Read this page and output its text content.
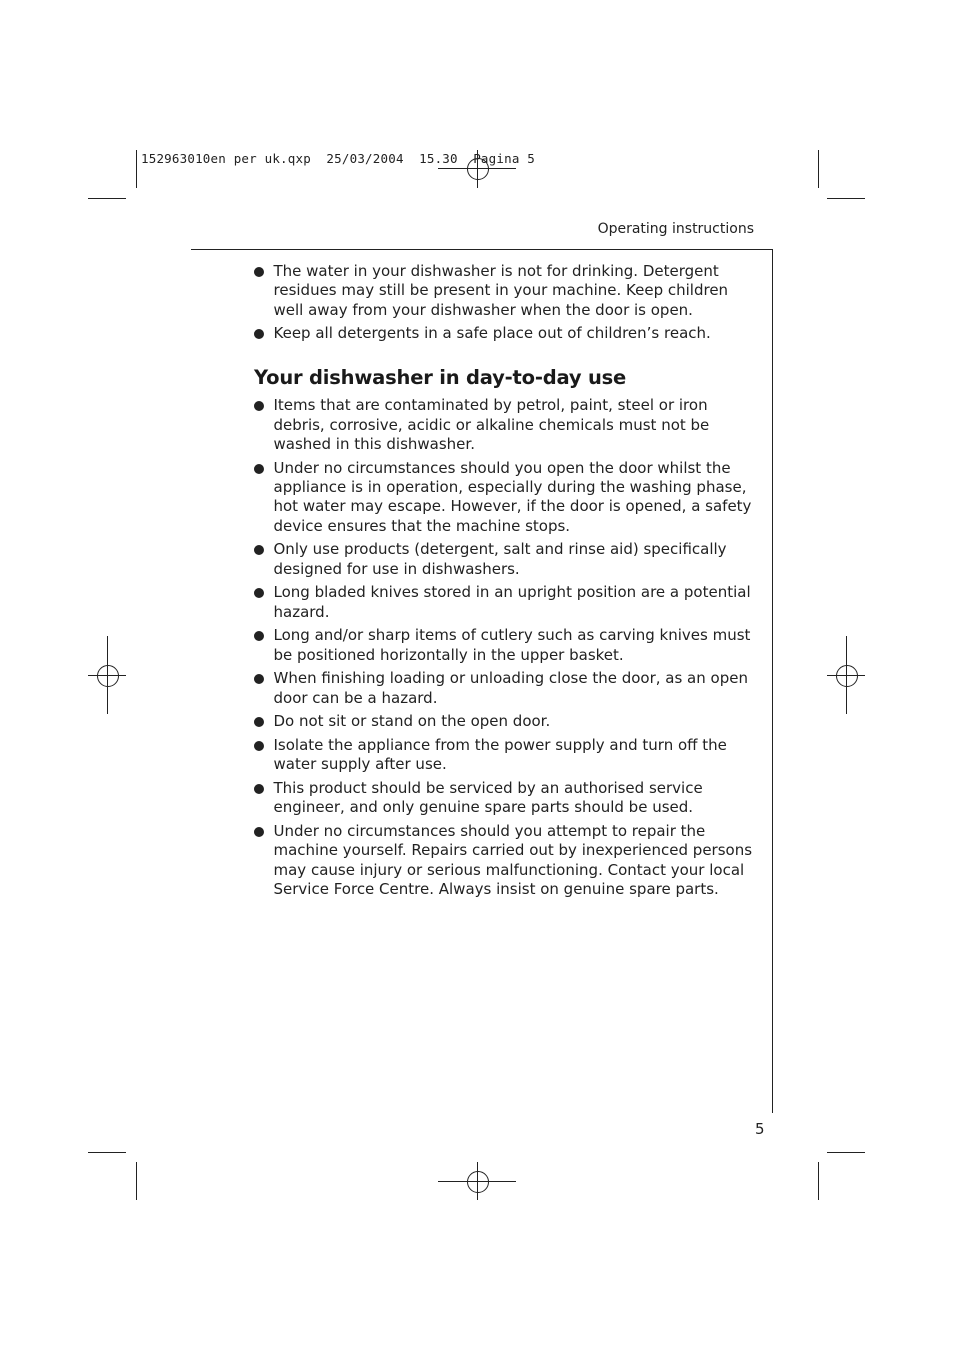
152963010en per uk.qxp  25/03/2004  15.30  Pagina 5
Operating instructions
The water in your dishwasher is not for drinking. Detergent residues may still be present in your machine. Keep children well away from your dishwasher when the door is open.
Keep all detergents in a safe place out of children’s reach.
Your dishwasher in day-to-day use
Items that are contaminated by petrol, paint, steel or iron debris, corrosive, acidic or alkaline chemicals must not be washed in this dishwasher.
Under no circumstances should you open the door whilst the appliance is in operation, especially during the washing phase, hot water may escape. However, if the door is opened, a safety device ensures that the machine stops.
Only use products (detergent, salt and rinse aid) specifically designed for use in dishwashers.
Long bladed knives stored in an upright position are a potential hazard.
Long and/or sharp items of cutlery such as carving knives must be positioned horizontally in the upper basket.
When finishing loading or unloading close the door, as an open door can be a hazard.
Do not sit or stand on the open door.
Isolate the appliance from the power supply and turn off the water supply after use.
This product should be serviced by an authorised service engineer, and only genuine spare parts should be used.
Under no circumstances should you attempt to repair the machine yourself. Repairs carried out by inexperienced persons may cause injury or serious malfunctioning. Contact your local Service Force Centre. Always insist on genuine spare parts.
5
